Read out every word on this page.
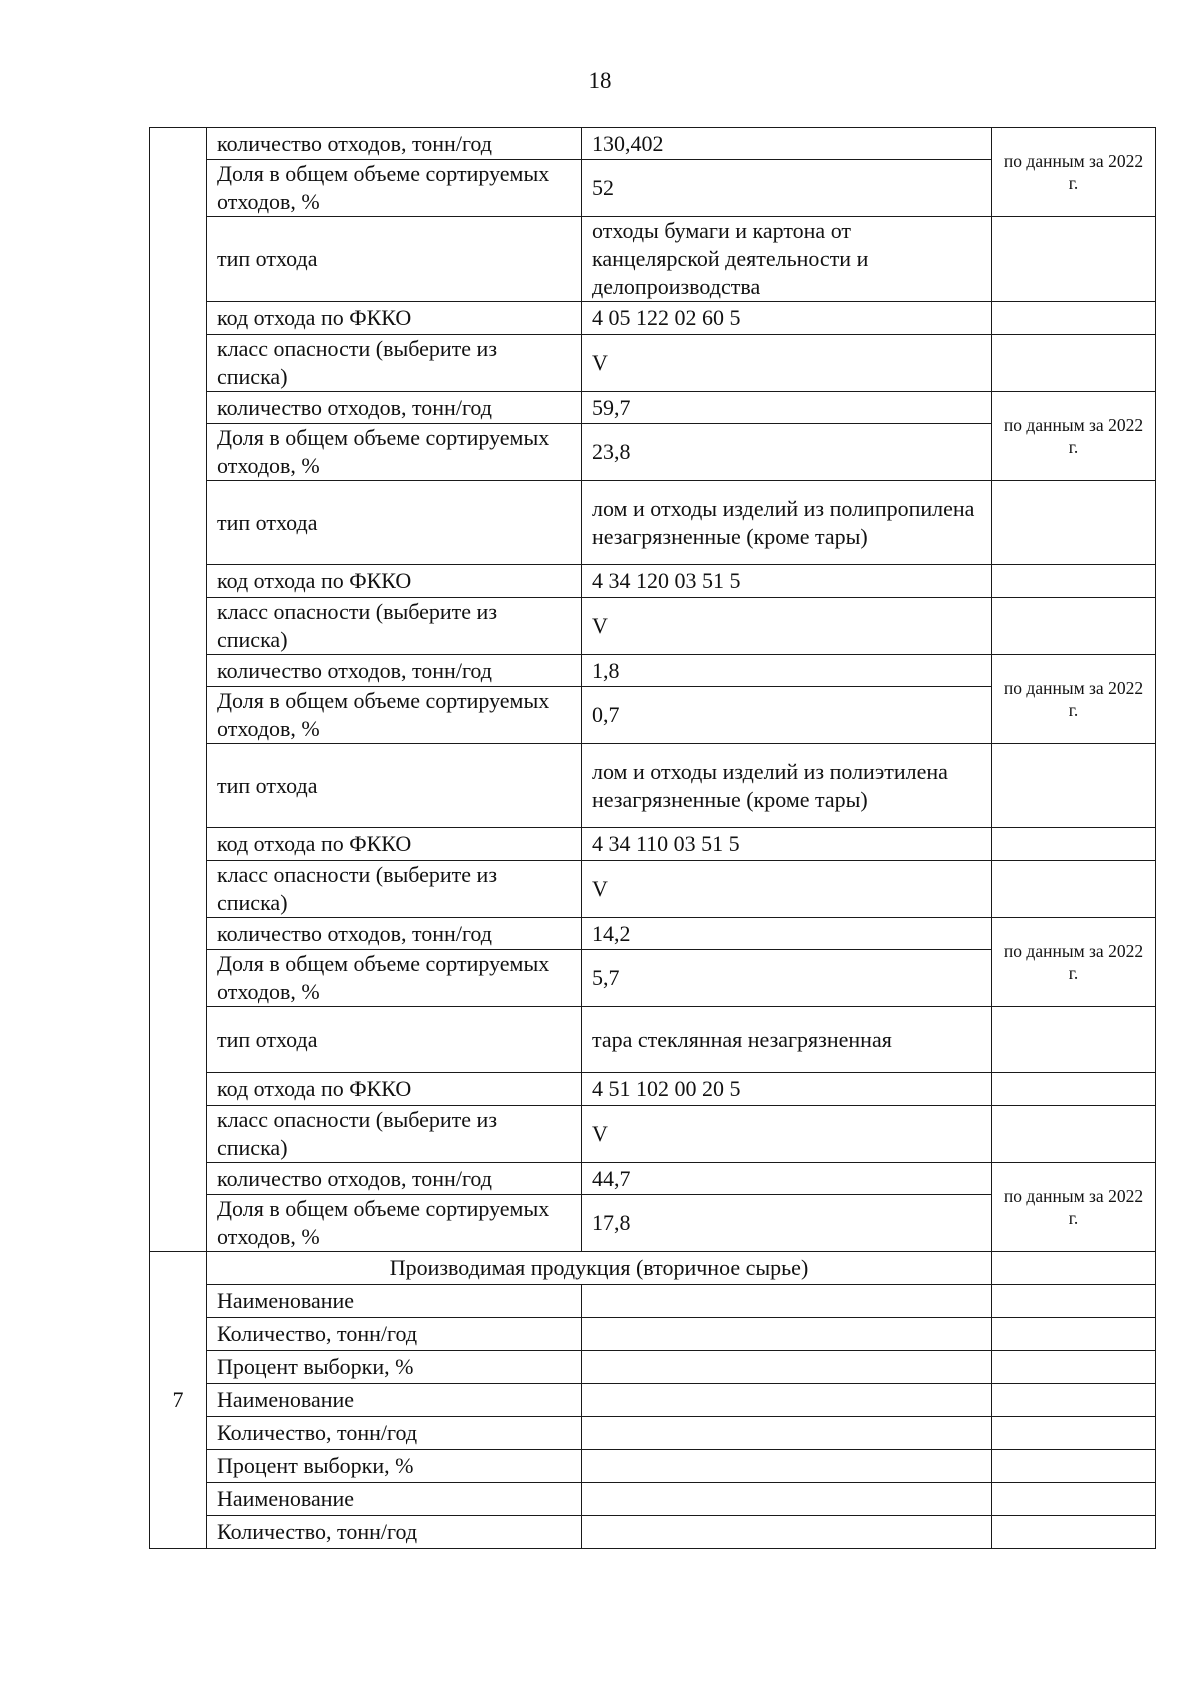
18
	количество отходов, тонн/год	130,402	по данным за 2022 г.
	Доля в общем объеме сортируемых отходов, %	52	
	тип отхода	отходы бумаги и картона от канцелярской деятельности и делопроизводства	
	код отхода по ФККО	4 05 122 02 60 5	
	класс опасности (выберите из списка)	V	
	количество отходов, тонн/год	59,7	по данным за 2022 г.
	Доля в общем объеме сортируемых отходов, %	23,8	
	тип отхода	лом и отходы изделий из полипропилена незагрязненные (кроме тары)	
	код отхода по ФККО	4 34 120 03 51 5	
	класс опасности (выберите из списка)	V	
	количество отходов, тонн/год	1,8	по данным за 2022 г.
	Доля в общем объеме сортируемых отходов, %	0,7	
	тип отхода	лом и отходы изделий из полиэтилена незагрязненные (кроме тары)	
	код отхода по ФККО	4 34 110 03 51 5	
	класс опасности (выберите из списка)	V	
	количество отходов, тонн/год	14,2	по данным за 2022 г.
	Доля в общем объеме сортируемых отходов, %	5,7	
	тип отхода	тара стеклянная незагрязненная	
	код отхода по ФККО	4 51 102 00 20 5	
	класс опасности (выберите из списка)	V	
	количество отходов, тонн/год	44,7	по данным за 2022 г.
	Доля в общем объеме сортируемых отходов, %	17,8	
7	Производимая продукция (вторичное сырье)		
	Наименование		
	Количество, тонн/год		
	Процент выборки, %		
	Наименование		
	Количество, тонн/год		
	Процент выборки, %		
	Наименование		
	Количество, тонн/год		
